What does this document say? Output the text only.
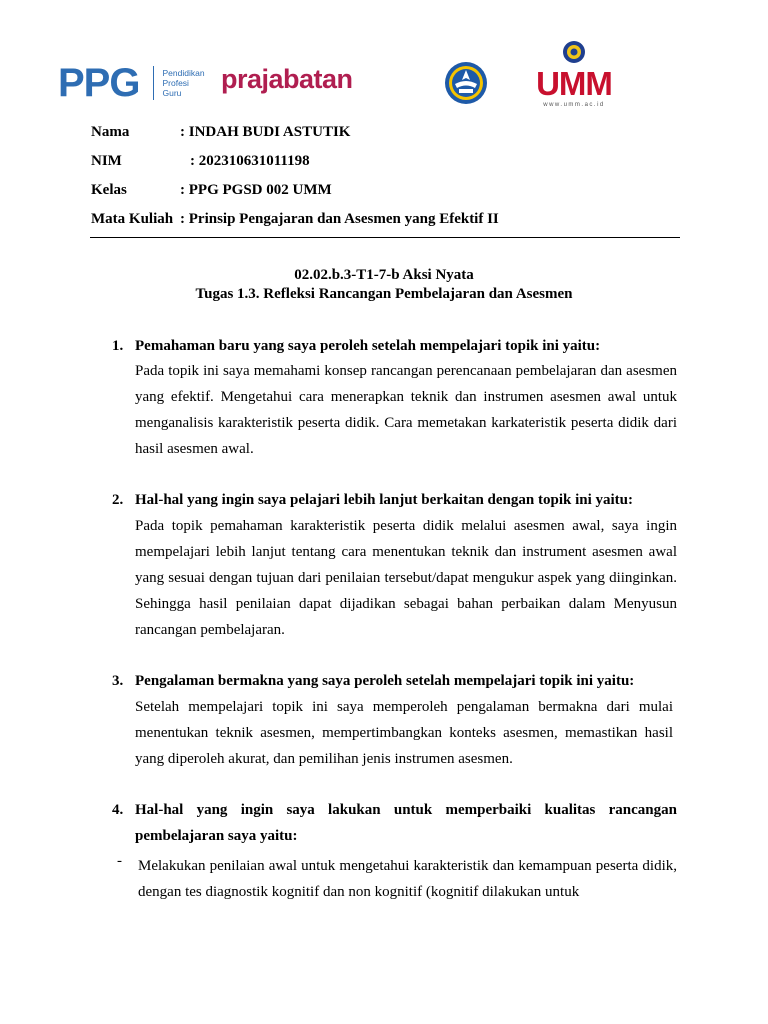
PPG	Pendidikan
Profesi
Guru	prajabatan	UMM
www.umm.ac.id
Nama	: INDAH BUDI ASTUTIK
NIM	: 202310631011198
Kelas	: PPG PGSD 002 UMM
Mata Kuliah : Prinsip Pengajaran dan Asesmen yang Efektif II
02.02.b.3-T1-7-b Aksi Nyata
Tugas 1.3. Refleksi Rancangan Pembelajaran dan Asesmen
1. Pemahaman baru yang saya peroleh setelah mempelajari topik ini yaitu:
Pada topik ini saya memahami konsep rancangan perencanaan pembelajaran dan asesmen
yang efektif. Mengetahui cara menerapkan teknik dan instrumen asesmen awal untuk
menganalisis karakteristik peserta didik. Cara memetakan karkateristik peserta didik dari
hasil asesmen awal.
2. Hal-hal yang ingin saya pelajari lebih lanjut berkaitan dengan topik ini yaitu:
Pada topik pemahaman karakteristik peserta didik melalui asesmen awal, saya ingin
mempelajari lebih lanjut tentang cara menentukan teknik dan instrument asesmen awal
yang sesuai dengan tujuan dari penilaian tersebut/dapat mengukur aspek yang diinginkan.
Sehingga hasil penilaian dapat dijadikan sebagai bahan perbaikan dalam Menyusun
rancangan pembelajaran.
3. Pengalaman bermakna yang saya peroleh setelah mempelajari topik ini yaitu:
Setelah mempelajari topik ini saya memperoleh pengalaman bermakna dari mulai
menentukan teknik asesmen, mempertimbangkan konteks asesmen, memastikan hasil
yang diperoleh akurat, dan pemilihan jenis instrumen asesmen.
4. Hal-hal yang ingin saya lakukan untuk memperbaiki kualitas rancangan
pembelajaran saya yaitu:
- Melakukan penilaian awal untuk mengetahui karakteristik dan kemampuan peserta didik,
dengan tes diagnostik kognitif dan non kognitif (kognitif dilakukan untuk
